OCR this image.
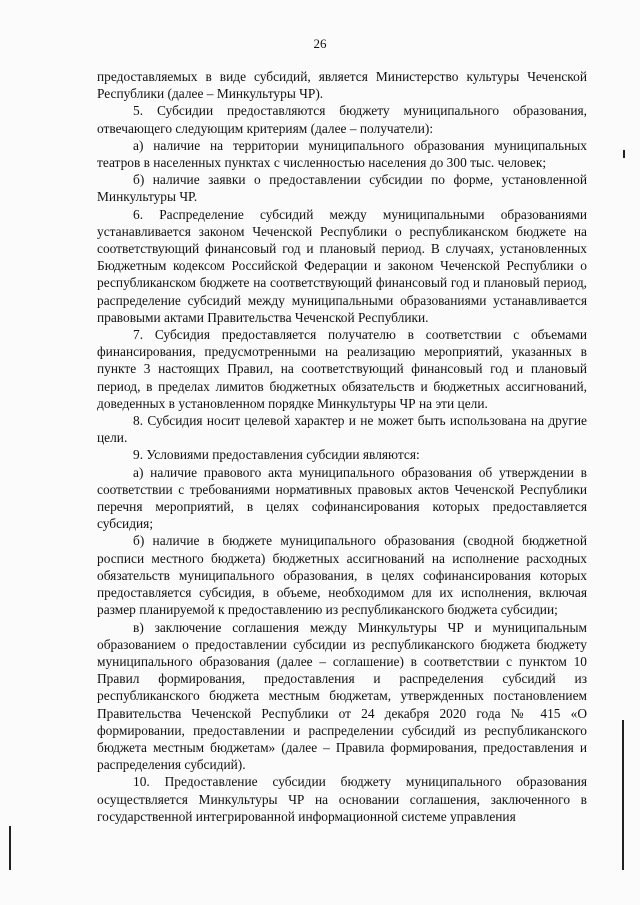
26

предоставляемых в виде субсидий, является Министерство культуры Чеченской Республики (далее – Минкультуры ЧР).

5. Субсидии предоставляются бюджету муниципального образования, отвечающего следующим критериям (далее – получатели):

а) наличие на территории муниципального образования муниципальных театров в населенных пунктах с численностью населения до 300 тыс. человек;

б) наличие заявки о предоставлении субсидии по форме, установленной Минкультуры ЧР.

6. Распределение субсидий между муниципальными образованиями устанавливается законом Чеченской Республики о республиканском бюджете на соответствующий финансовый год и плановый период. В случаях, установленных Бюджетным кодексом Российской Федерации и законом Чеченской Республики о республиканском бюджете на соответствующий финансовый год и плановый период, распределение субсидий между муниципальными образованиями устанавливается правовыми актами Правительства Чеченской Республики.

7. Субсидия предоставляется получателю в соответствии с объемами финансирования, предусмотренными на реализацию мероприятий, указанных в пункте 3 настоящих Правил, на соответствующий финансовый год и плановый период, в пределах лимитов бюджетных обязательств и бюджетных ассигнований, доведенных в установленном порядке Минкультуры ЧР на эти цели.

8. Субсидия носит целевой характер и не может быть использована на другие цели.

9. Условиями предоставления субсидии являются:

а) наличие правового акта муниципального образования об утверждении в соответствии с требованиями нормативных правовых актов Чеченской Республики перечня мероприятий, в целях софинансирования которых предоставляется субсидия;

б) наличие в бюджете муниципального образования (сводной бюджетной росписи местного бюджета) бюджетных ассигнований на исполнение расходных обязательств муниципального образования, в целях софинансирования которых предоставляется субсидия, в объеме, необходимом для их исполнения, включая размер планируемой к предоставлению из республиканского бюджета субсидии;

в) заключение соглашения между Минкультуры ЧР и муниципальным образованием о предоставлении субсидии из республиканского бюджета бюджету муниципального образования (далее – соглашение) в соответствии с пунктом 10 Правил формирования, предоставления и распределения субсидий из республиканского бюджета местным бюджетам, утвержденных постановлением Правительства Чеченской Республики от 24 декабря 2020 года № 415 «О формировании, предоставлении и распределении субсидий из республиканского бюджета местным бюджетам» (далее – Правила формирования, предоставления и распределения субсидий).

10. Предоставление субсидии бюджету муниципального образования осуществляется Минкультуры ЧР на основании соглашения, заключенного в государственной интегрированной информационной системе управления
